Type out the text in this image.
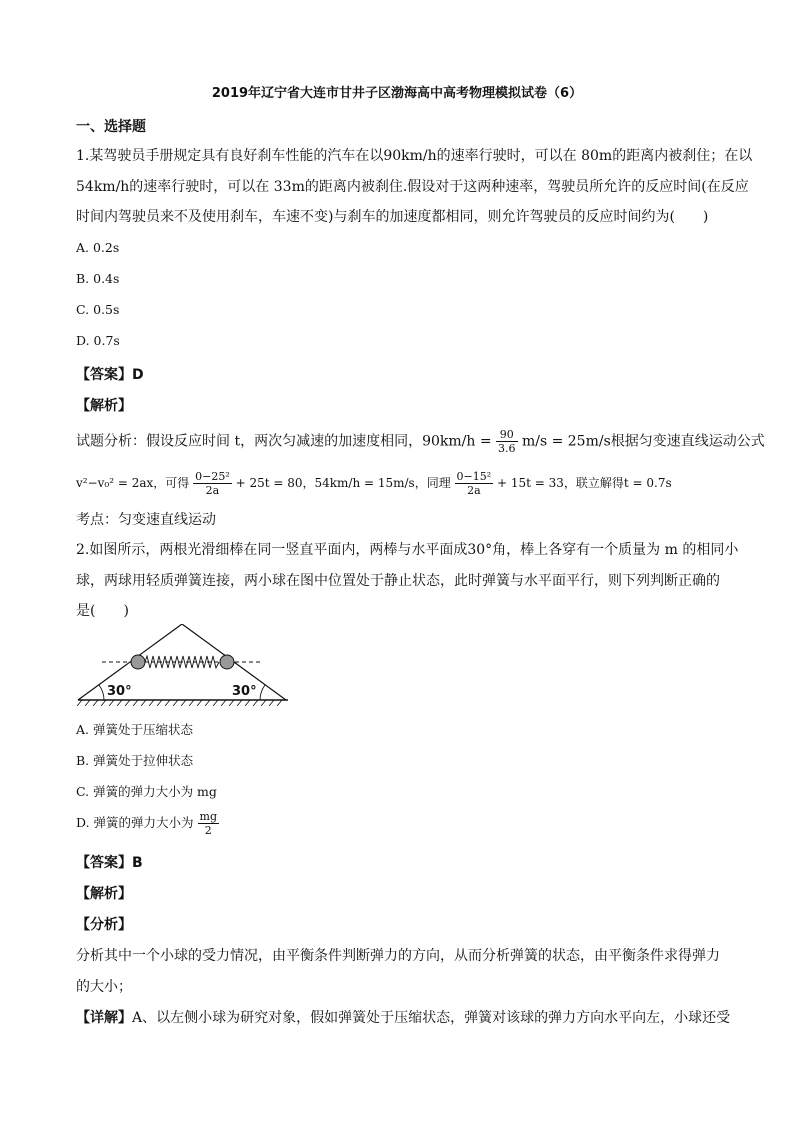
2019年辽宁省大连市甘井子区渤海高中高考物理模拟试卷（6）
一、选择题
1.某驾驶员手册规定具有良好刹车性能的汽车在以90km/h的速率行驶时，可以在 80m的距离内被刹住；在以
54km/h的速率行驶时，可以在 33m的距离内被刹住.假设对于这两种速率，驾驶员所允许的反应时间(在反应
时间内驾驶员来不及使用刹车，车速不变)与刹车的加速度都相同，则允许驾驶员的反应时间约为(　　)
A. 0.2s
B. 0.4s
C. 0.5s
D. 0.7s
【答案】D
【解析】
试题分析：假设反应时间 t，两次匀减速的加速度相同，$90km/h = \frac{90}{3.6} m/s = 25m/s$根据匀变速直线运动公式
v²−v₀² = 2ax，可得 $\frac{\text{0−25²}}{2a} + 25t = 80$，54km/h = 15m/s，同理 $\frac{\text{0−15²}}{2a} + 15t = 33$，联立解得t = 0.7s
考点：匀变速直线运动
2.如图所示，两根光滑细棒在同一竖直平面内，两棒与水平面成30°角，棒上各穿有一个质量为 m 的相同小
球，两球用轻质弹簧连接，两小球在图中位置处于静止状态，此时弹簧与水平面平行，则下列判断正确的
是(　　)
30°	30°
A. 弹簧处于压缩状态
B. 弹簧处于拉伸状态
C. 弹簧的弹力大小为 mg
D. 弹簧的弹力大小为 $\frac{mg}{2}$
【答案】B
【解析】
【分析】
分析其中一个小球的受力情况，由平衡条件判断弹力的方向，从而分析弹簧的状态，由平衡条件求得弹力
的大小；
【详解】A、以左侧小球为研究对象，假如弹簧处于压缩状态，弹簧对该球的弹力方向水平向左，小球还受
